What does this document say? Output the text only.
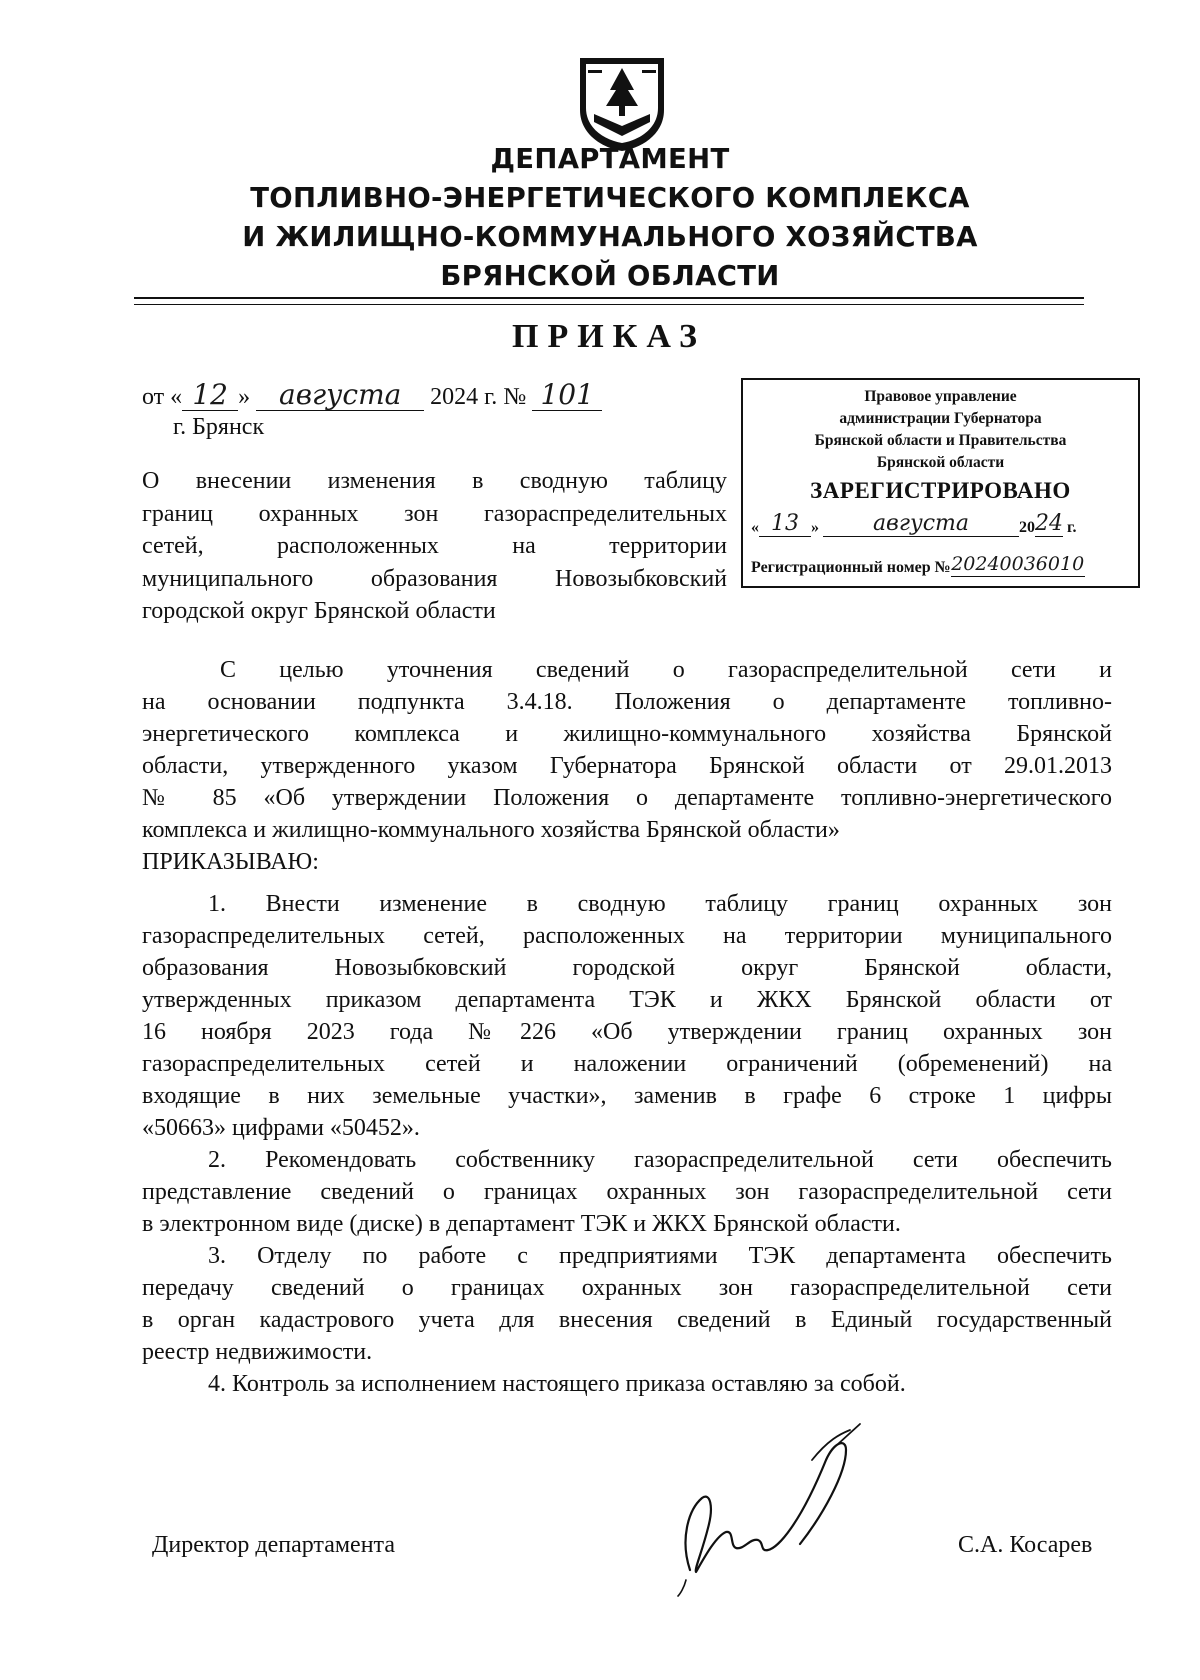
ДЕПАРТАМЕНТ
ТОПЛИВНО-ЭНЕРГЕТИЧЕСКОГО КОМПЛЕКСА
И ЖИЛИЩНО-КОММУНАЛЬНОГО ХОЗЯЙСТВА
БРЯНСКОЙ ОБЛАСТИ
ПРИКАЗ
от « 12 » августа 2024 г. № 101
г. Брянск
О внесении изменения в сводную таблицу
границ охранных зон газораспределительных
сетей, расположенных на территории
муниципального образования Новозыбковский
городской округ Брянской области
Правовое управление
администрации Губернатора
Брянской области и Правительства
Брянской области
ЗАРЕГИСТРИРОВАНО
« 13 » августа	2024 г.
Регистрационный номер №20240036010
С целью уточнения сведений о газораспределительной сети и
на основании подпункта 3.4.18. Положения о департаменте топливно-
энергетического комплекса и жилищно-коммунального хозяйства Брянской
области, утвержденного указом Губернатора Брянской области от 29.01.2013
№ 85 «Об утверждении Положения о департаменте топливно-энергетического
комплекса и жилищно-коммунального хозяйства Брянской области»
ПРИКАЗЫВАЮ:
1. Внести изменение в сводную таблицу границ охранных зон
газораспределительных сетей, расположенных на территории муниципального
образования Новозыбковский городской округ Брянской области,
утвержденных приказом департамента ТЭК и ЖКХ Брянской области от
16 ноября 2023 года №226 «Об утверждении границ охранных зон
газораспределительных сетей и наложении ограничений (обременений) на
входящие в них земельные участки», заменив в графе 6 строке 1 цифры
«50663» цифрами «50452».
2. Рекомендовать собственнику газораспределительной сети обеспечить
представление сведений о границах охранных зон газораспределительной сети
в электронном виде (диске) в департамент ТЭК и ЖКХ Брянской области.
3. Отделу по работе с предприятиями ТЭК департамента обеспечить
передачу сведений о границах охранных зон газораспределительной сети
в орган кадастрового учета для внесения сведений в Единый государственный
реестр недвижимости.
4. Контроль за исполнением настоящего приказа оставляю за собой.
Директор департамента	С.А. Косарев
